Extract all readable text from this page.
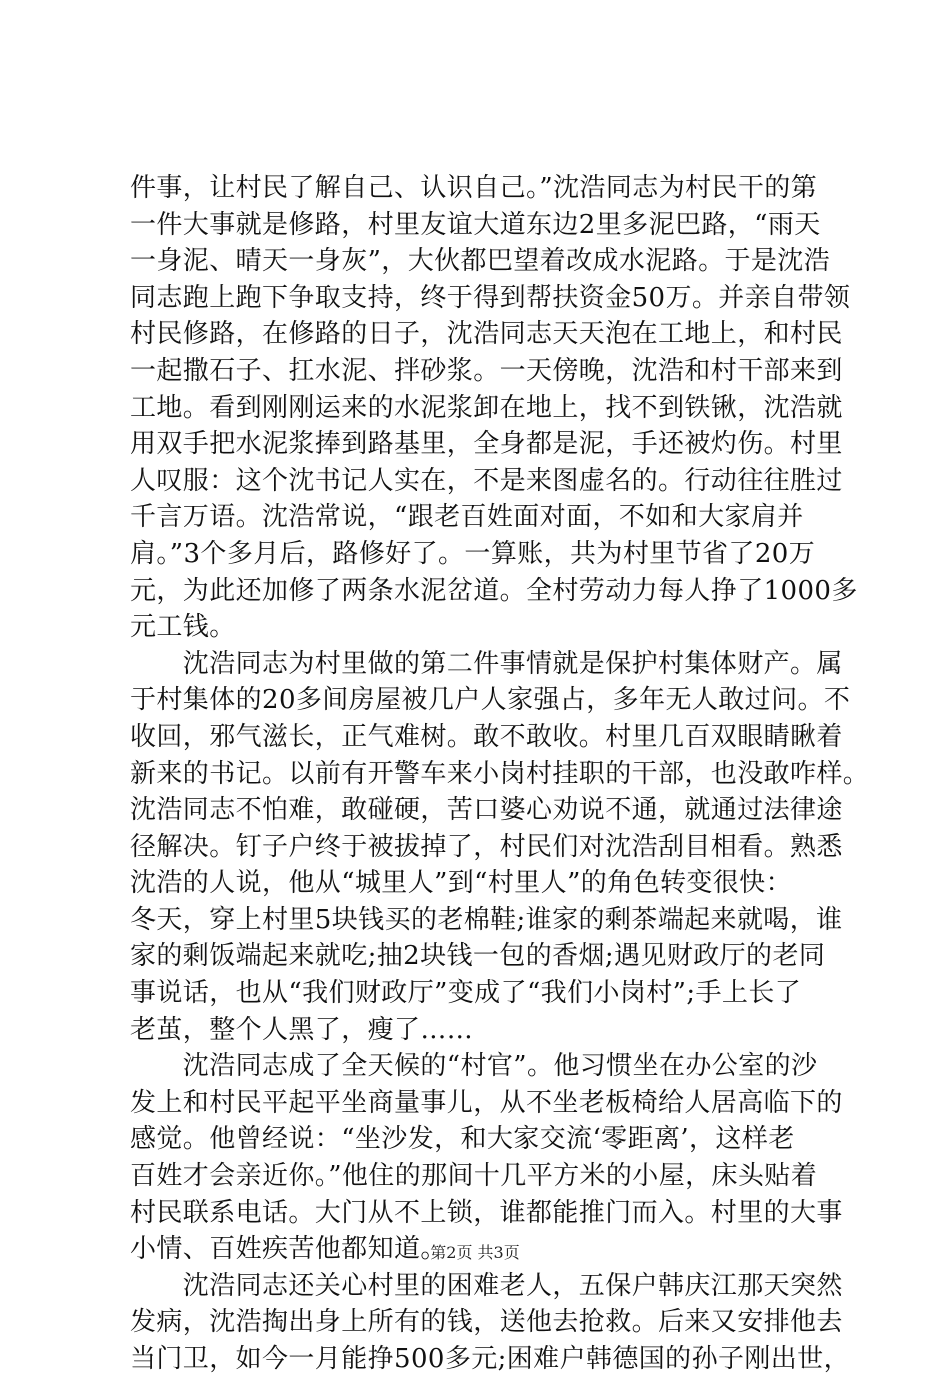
件事，让村民了解自己、认识自己。”沈浩同志为村民干的第
一件大事就是修路，村里友谊大道东边2里多泥巴路，“雨天
一身泥、晴天一身灰”，大伙都巴望着改成水泥路。于是沈浩
同志跑上跑下争取支持，终于得到帮扶资金50万。并亲自带领
村民修路，在修路的日子，沈浩同志天天泡在工地上，和村民
一起撒石子、扛水泥、拌砂浆。一天傍晚，沈浩和村干部来到
工地。看到刚刚运来的水泥浆卸在地上，找不到铁锹，沈浩就
用双手把水泥浆捧到路基里，全身都是泥，手还被灼伤。村里
人叹服：这个沈书记人实在，不是来图虚名的。行动往往胜过
千言万语。沈浩常说，“跟老百姓面对面，不如和大家肩并
肩。”3个多月后，路修好了。一算账，共为村里节省了20万
元，为此还加修了两条水泥岔道。全村劳动力每人挣了1000多
元工钱。
　　沈浩同志为村里做的第二件事情就是保护村集体财产。属
于村集体的20多间房屋被几户人家强占，多年无人敢过问。不
收回，邪气滋长，正气难树。敢不敢收。村里几百双眼睛瞅着
新来的书记。以前有开警车来小岗村挂职的干部，也没敢咋样。
沈浩同志不怕难，敢碰硬，苦口婆心劝说不通，就通过法律途
径解决。钉子户终于被拔掉了，村民们对沈浩刮目相看。熟悉
沈浩的人说，他从“城里人”到“村里人”的角色转变很快：
冬天，穿上村里5块钱买的老棉鞋;谁家的剩茶端起来就喝，谁
家的剩饭端起来就吃;抽2块钱一包的香烟;遇见财政厅的老同
事说话，也从“我们财政厅”变成了“我们小岗村”;手上长了
老茧，整个人黑了，瘦了……
　　沈浩同志成了全天候的“村官”。他习惯坐在办公室的沙
发上和村民平起平坐商量事儿，从不坐老板椅给人居高临下的
感觉。他曾经说：“坐沙发，和大家交流‘零距离’，这样老
百姓才会亲近你。”他住的那间十几平方米的小屋，床头贴着
村民联系电话。大门从不上锁，谁都能推门而入。村里的大事
小情、百姓疾苦他都知道。
　　沈浩同志还关心村里的困难老人，五保户韩庆江那天突然
发病，沈浩掏出身上所有的钱，送他去抢救。后来又安排他去
当门卫，如今一月能挣500多元;困难户韩德国的孙子刚出世，
第2页 共3页
